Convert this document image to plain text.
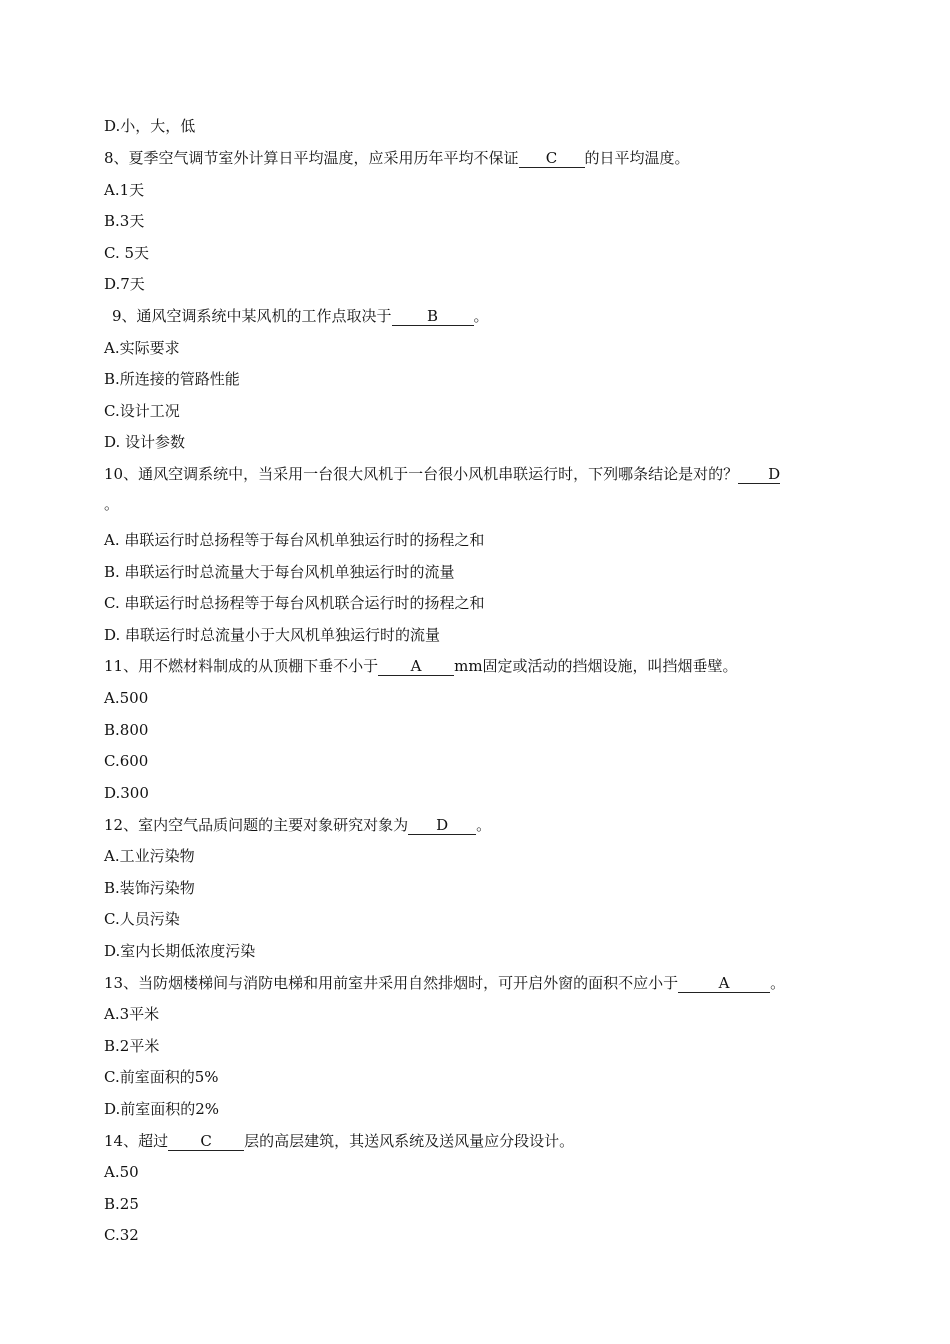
D.小，大，低
8、夏季空气调节室外计算日平均温度，应采用历年平均不保证 C 的日平均温度。
A.1天
B.3天
C. 5天
D.7天
9、通风空调系统中某风机的工作点取决于 B 。
A.实际要求
B.所连接的管路性能
C.设计工况
D. 设计参数
10、通风空调系统中，当采用一台很大风机于一台很小风机串联运行时，下列哪条结论是对的？ D
。
A. 串联运行时总扬程等于每台风机单独运行时的扬程之和
B. 串联运行时总流量大于每台风机单独运行时的流量
C. 串联运行时总扬程等于每台风机联合运行时的扬程之和
D. 串联运行时总流量小于大风机单独运行时的流量
11、用不燃材料制成的从顶棚下垂不小于 A mm固定或活动的挡烟设施，叫挡烟垂壁。
A.500
B.800
C.600
D.300
12、室内空气品质问题的主要对象研究对象为 D 。
A.工业污染物
B.装饰污染物
C.人员污染
D.室内长期低浓度污染
13、当防烟楼梯间与消防电梯和用前室井采用自然排烟时，可开启外窗的面积不应小于	A	。
A.3平米
B.2平米
C.前室面积的5%
D.前室面积的2%
14、超过 C 层的高层建筑，其送风系统及送风量应分段设计。
A.50
B.25
C.32
